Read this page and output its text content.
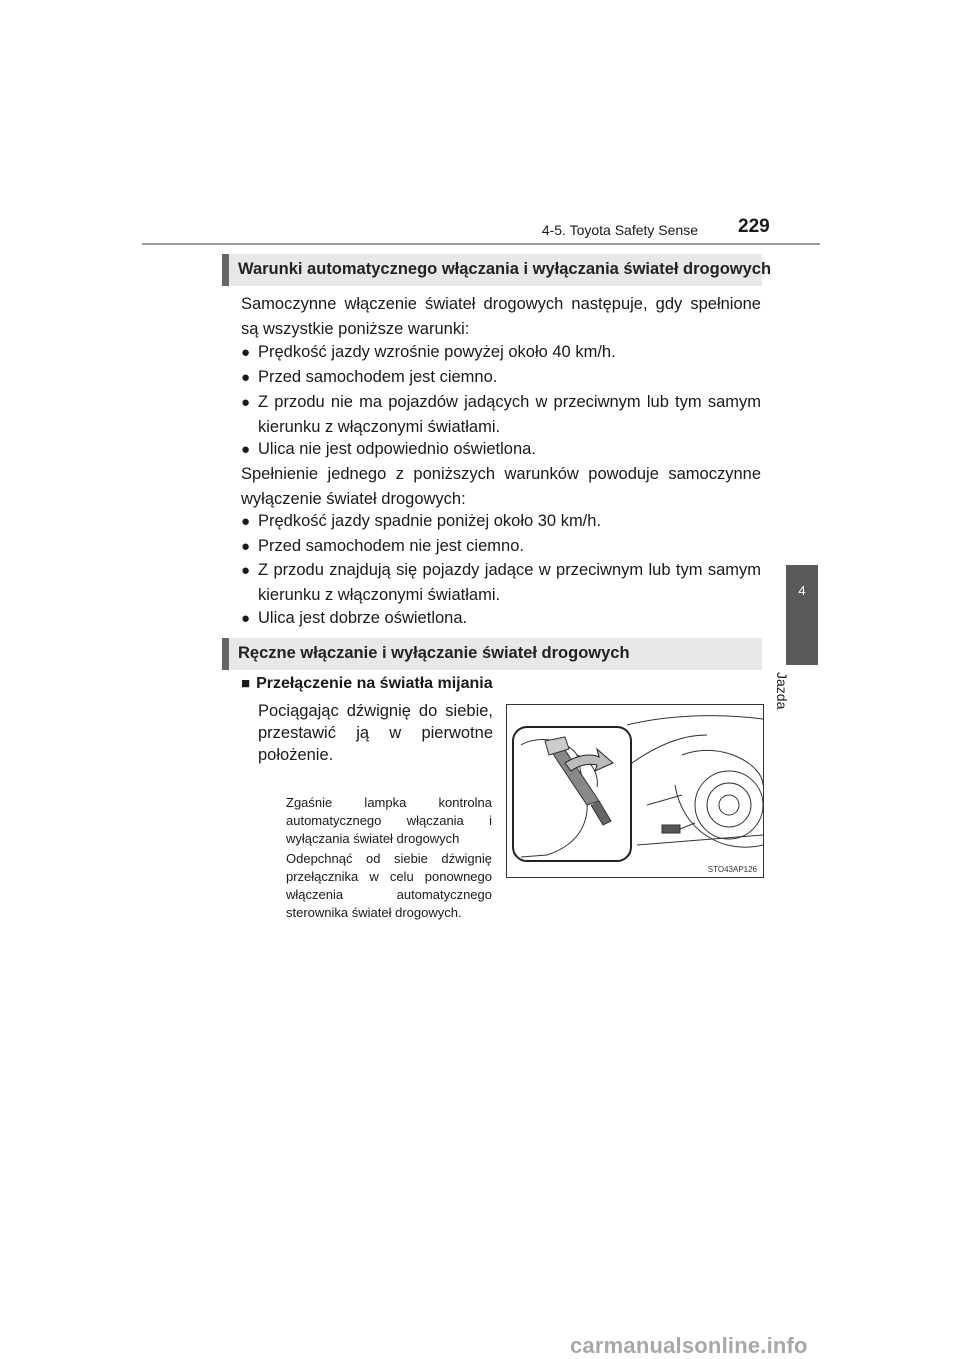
4-5. Toyota Safety Sense 229
4
Jazda
Warunki automatycznego włączania i wyłączania świateł drogowych
Samoczynne włączenie świateł drogowych następuje, gdy spełnione są wszystkie poniższe warunki:
● Prędkość jazdy wzrośnie powyżej około 40 km/h.
● Przed samochodem jest ciemno.
● Z przodu nie ma pojazdów jadących w przeciwnym lub tym samym kierunku z włączonymi światłami.
● Ulica nie jest odpowiednio oświetlona.
Spełnienie jednego z poniższych warunków powoduje samoczynne wyłączenie świateł drogowych:
● Prędkość jazdy spadnie poniżej około 30 km/h.
● Przed samochodem nie jest ciemno.
● Z przodu znajdują się pojazdy jadące w przeciwnym lub tym samym kierunku z włączonymi światłami.
● Ulica jest dobrze oświetlona.
Ręczne włączanie i wyłączanie świateł drogowych
■ Przełączenie na światła mijania
Pociągając dźwignię do siebie, przestawić ją w pierwotne położenie.
Zgaśnie lampka kontrolna automatycznego włączania i wyłączania świateł drogowych
Odepchnąć od siebie dźwignię przełącznika w celu ponownego włączenia automatycznego sterownika świateł drogowych.
STO43AP126
carmanualsonline.info
